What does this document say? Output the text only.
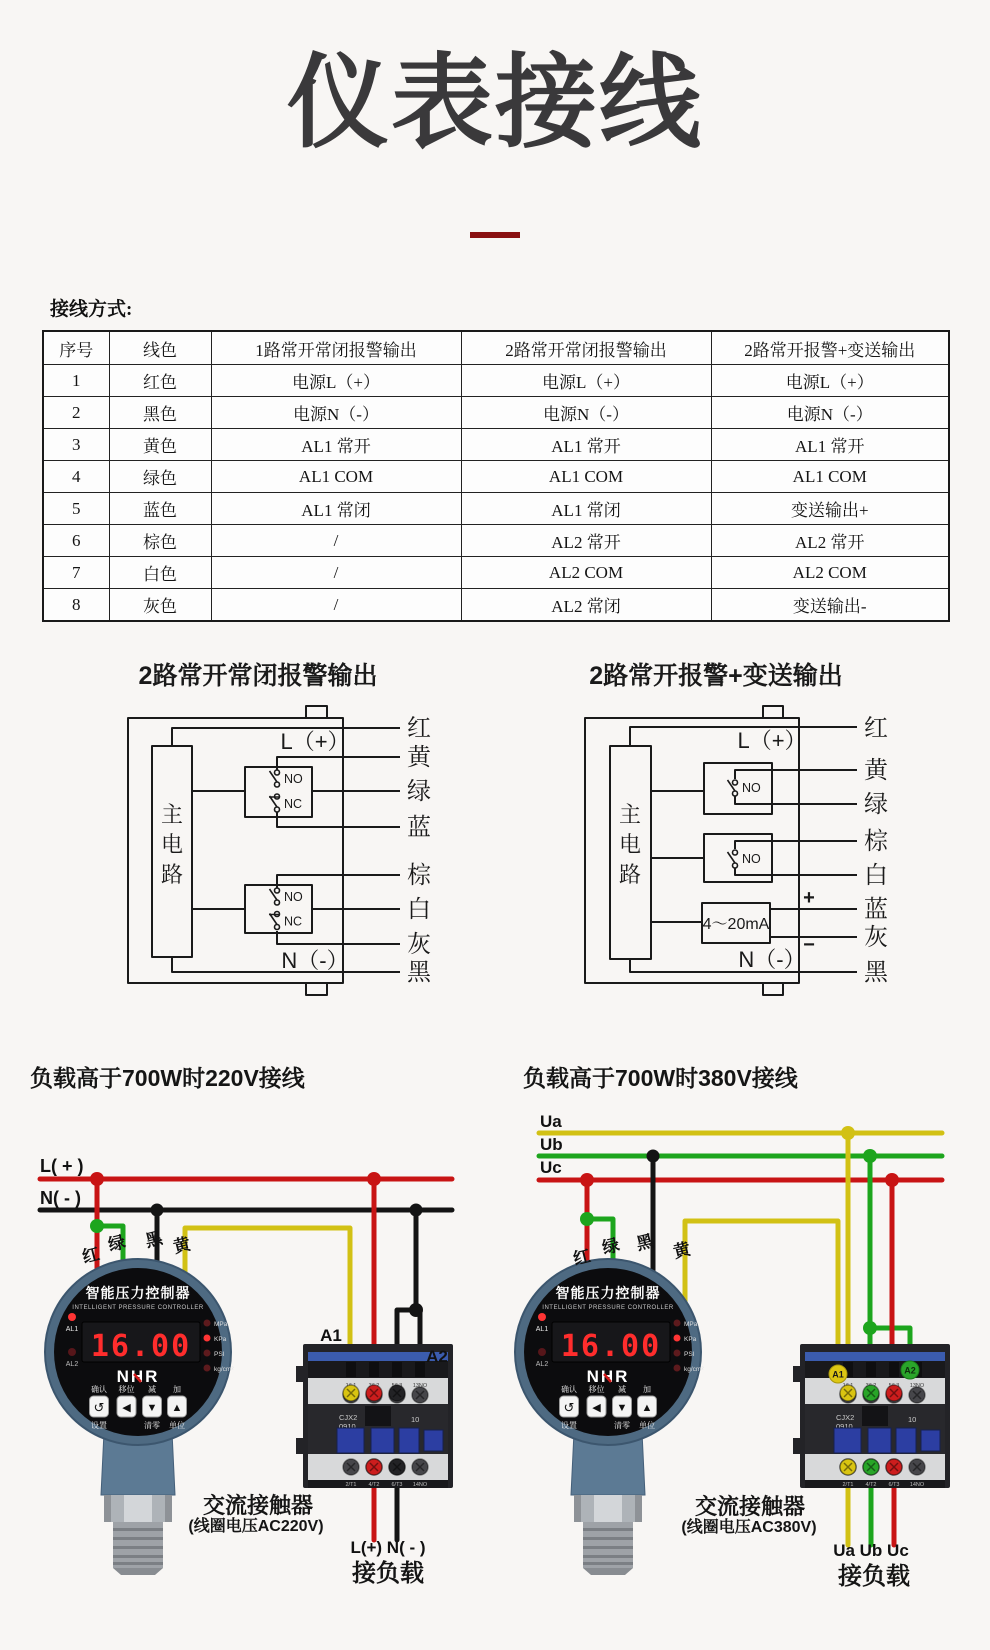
仪表接线
接线方式:
序号	线色	1路常开常闭报警输出	2路常开常闭报警输出	2路常开报警+变送输出
1	红色	电源L（+）	电源L（+）	电源L（+）
2	黑色	电源N（-）	电源N（-）	电源N（-）
3	黄色	AL1 常开	AL1 常开	AL1 常开
4	绿色	AL1 COM	AL1 COM	AL1 COM
5	蓝色	AL1 常闭	AL1 常闭	变送输出+
6	棕色	/	AL2 常开	AL2 常开
7	白色	/	AL2 COM	AL2 COM
8	灰色	/	AL2 常闭	变送输出-
2路常开常闭报警输出
L（+）
N（-）
NO
NC
NO
NC
红
黄
绿
蓝
棕
白
灰
黑
2路常开报警+变送输出
L（+）
N（-）
NO
NO
4～20mA
+
−
红
黄
绿
棕
白
蓝
灰
黑
主电路
主电路
负载高于700W时220V接线
L( + )
N( - )
A1
A2
红
绿 黑 黄
交流接触器
(线圈电压AC220V)
L(+) N( - )
接负载
负载高于700W时380V接线
Ua
Ub
Uc
A1	A2
红 绿 黑 黄
交流接触器
(线圈电压AC380V)
Ua Ub Uc
接负载
